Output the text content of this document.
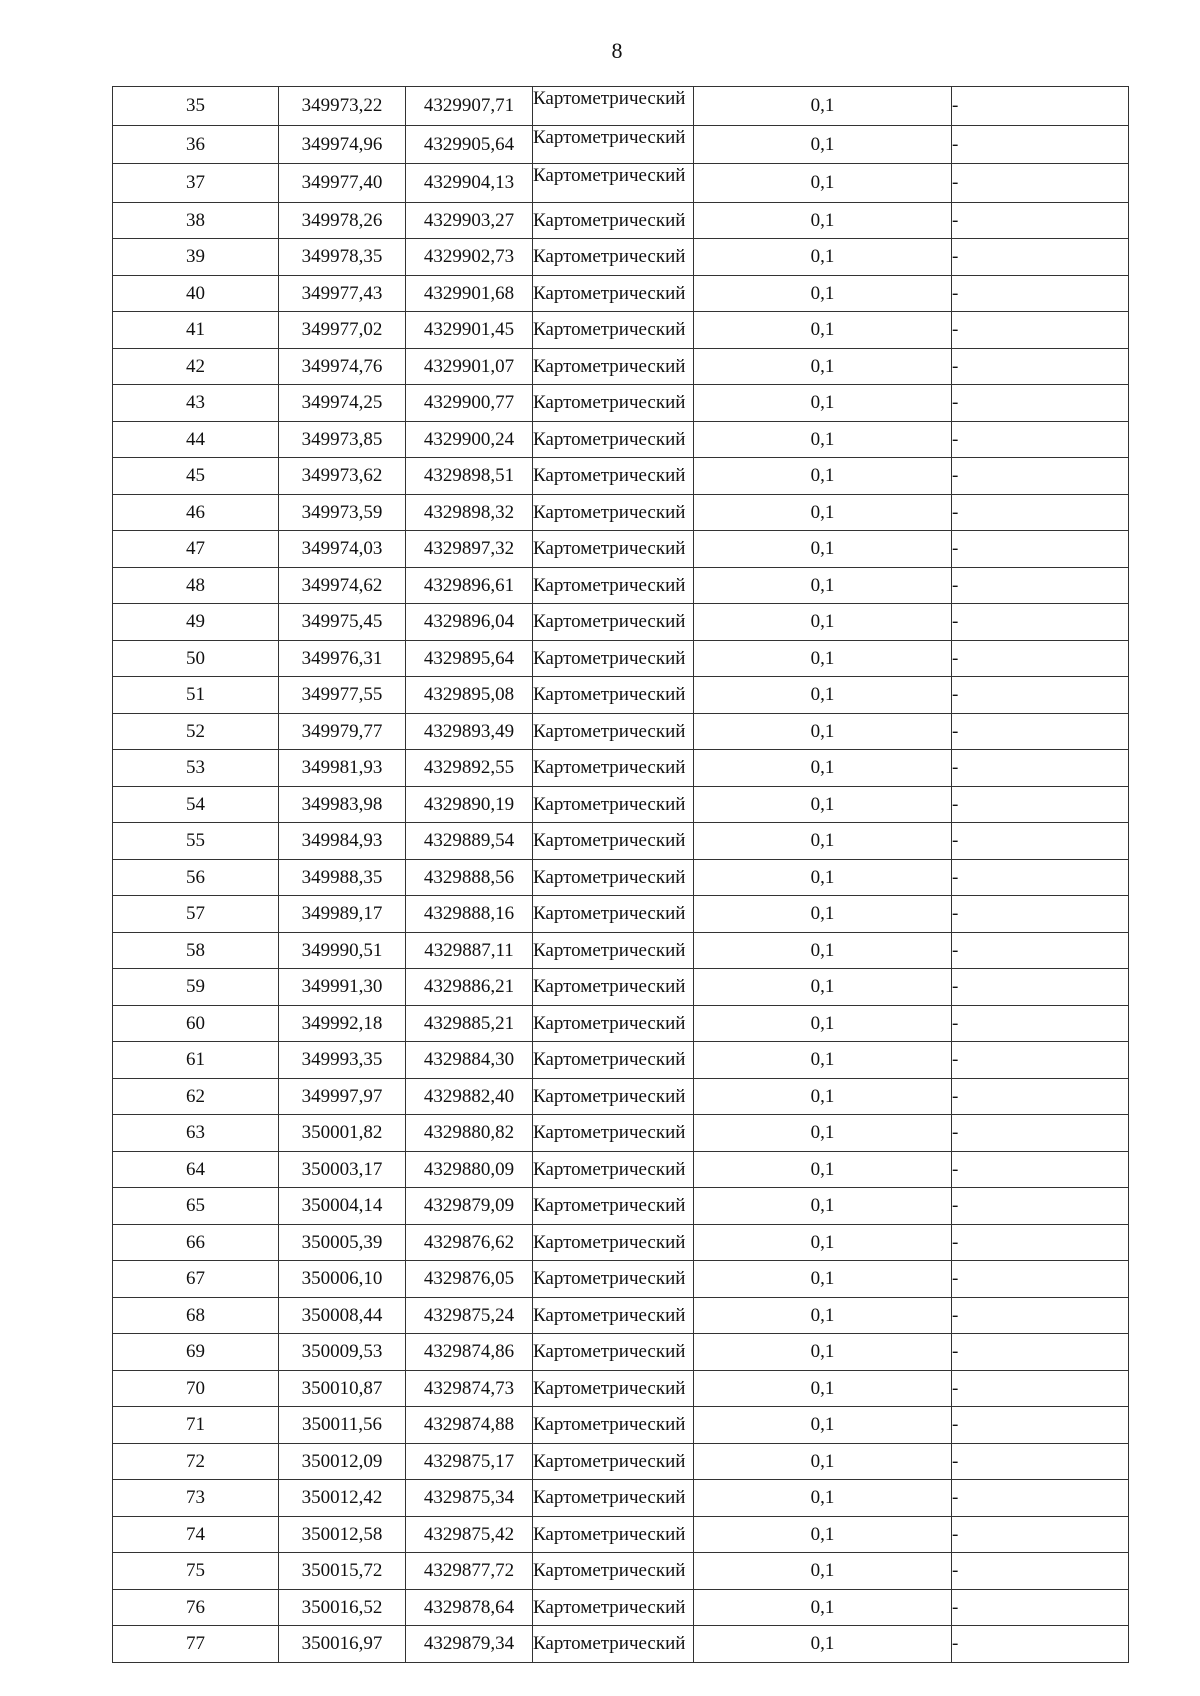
8
35	349973,22	4329907,71	Картометрический	0,1	-
36	349974,96	4329905,64	Картометрический	0,1	-
37	349977,40	4329904,13	Картометрический	0,1	-
38	349978,26	4329903,27	Картометрический	0,1	-
39	349978,35	4329902,73	Картометрический	0,1	-
40	349977,43	4329901,68	Картометрический	0,1	-
41	349977,02	4329901,45	Картометрический	0,1	-
42	349974,76	4329901,07	Картометрический	0,1	-
43	349974,25	4329900,77	Картометрический	0,1	-
44	349973,85	4329900,24	Картометрический	0,1	-
45	349973,62	4329898,51	Картометрический	0,1	-
46	349973,59	4329898,32	Картометрический	0,1	-
47	349974,03	4329897,32	Картометрический	0,1	-
48	349974,62	4329896,61	Картометрический	0,1	-
49	349975,45	4329896,04	Картометрический	0,1	-
50	349976,31	4329895,64	Картометрический	0,1	-
51	349977,55	4329895,08	Картометрический	0,1	-
52	349979,77	4329893,49	Картометрический	0,1	-
53	349981,93	4329892,55	Картометрический	0,1	-
54	349983,98	4329890,19	Картометрический	0,1	-
55	349984,93	4329889,54	Картометрический	0,1	-
56	349988,35	4329888,56	Картометрический	0,1	-
57	349989,17	4329888,16	Картометрический	0,1	-
58	349990,51	4329887,11	Картометрический	0,1	-
59	349991,30	4329886,21	Картометрический	0,1	-
60	349992,18	4329885,21	Картометрический	0,1	-
61	349993,35	4329884,30	Картометрический	0,1	-
62	349997,97	4329882,40	Картометрический	0,1	-
63	350001,82	4329880,82	Картометрический	0,1	-
64	350003,17	4329880,09	Картометрический	0,1	-
65	350004,14	4329879,09	Картометрический	0,1	-
66	350005,39	4329876,62	Картометрический	0,1	-
67	350006,10	4329876,05	Картометрический	0,1	-
68	350008,44	4329875,24	Картометрический	0,1	-
69	350009,53	4329874,86	Картометрический	0,1	-
70	350010,87	4329874,73	Картометрический	0,1	-
71	350011,56	4329874,88	Картометрический	0,1	-
72	350012,09	4329875,17	Картометрический	0,1	-
73	350012,42	4329875,34	Картометрический	0,1	-
74	350012,58	4329875,42	Картометрический	0,1	-
75	350015,72	4329877,72	Картометрический	0,1	-
76	350016,52	4329878,64	Картометрический	0,1	-
77	350016,97	4329879,34	Картометрический	0,1	-
